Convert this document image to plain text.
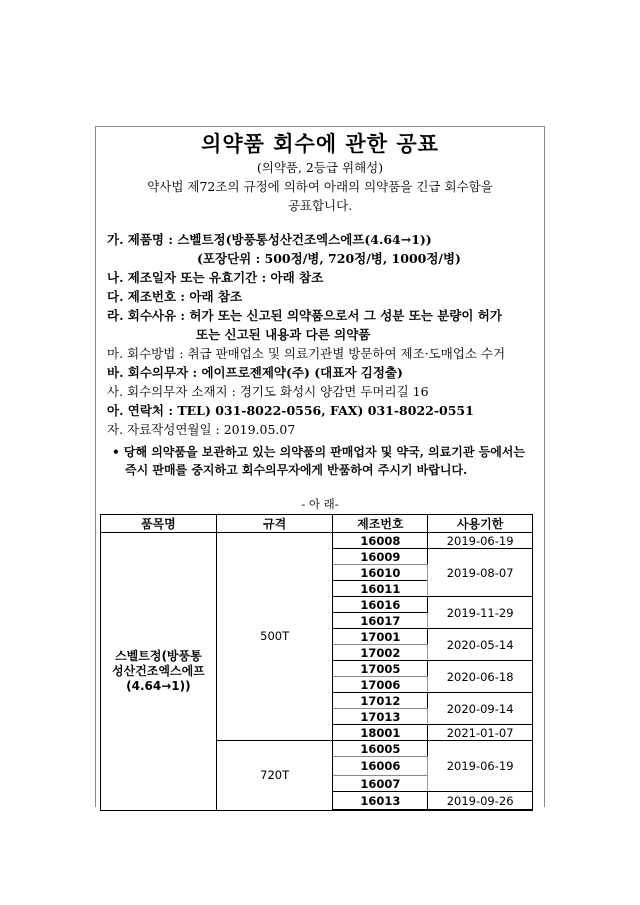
의약품 회수에 관한 공표
(의약품, 2등급 위해성)
약사법 제72조의 규정에 의하여 아래의 의약품을 긴급 회수함을
공표합니다.
가. 제품명 : 스벨트정(방풍통성산건조엑스에프(4.64→1))
(포장단위 : 500정/병, 720정/병, 1000정/병)
나. 제조일자 또는 유효기간 : 아래 참조
다. 제조번호 : 아래 참조
라. 회수사유 : 허가 또는 신고된 의약품으로서 그 성분 또는 분량이 허가
또는 신고된 내용과 다른 의약품
마. 회수방법 : 취급 판매업소 및 의료기관별 방문하여 제조·도매업소 수거
바. 회수의무자 : 에이프로젠제약(주) (대표자 김정출)
사. 회수의무자 소재지 : 경기도 화성시 양감면 두머리길 16
아. 연락처 : TEL) 031-8022-0556, FAX) 031-8022-0551
자. 자료작성연월일 : 2019.05.07
• 당해 의약품을 보관하고 있는 의약품의 판매업자 및 약국, 의료기관 등에서는
즉시 판매를 중지하고 회수의무자에게 반품하여 주시기 바랍니다.
- 아 래-
품목명	규격	제조번호	사용기한

스벨트정(방풍통
성산건조엑스에프
(4.64→1))	500T	16008	2019-06-19
		16009	2019-08-07
		16010	
		16011	
		16016	2019-11-29
		16017	
		17001	2020-05-14
		17002	
		17005	2020-06-18
		17006	
		17012	2020-09-14
		17013	
		18001	2021-01-07
	720T	16005	2019-06-19
		16006	
		16007	
		16013	2019-09-26
